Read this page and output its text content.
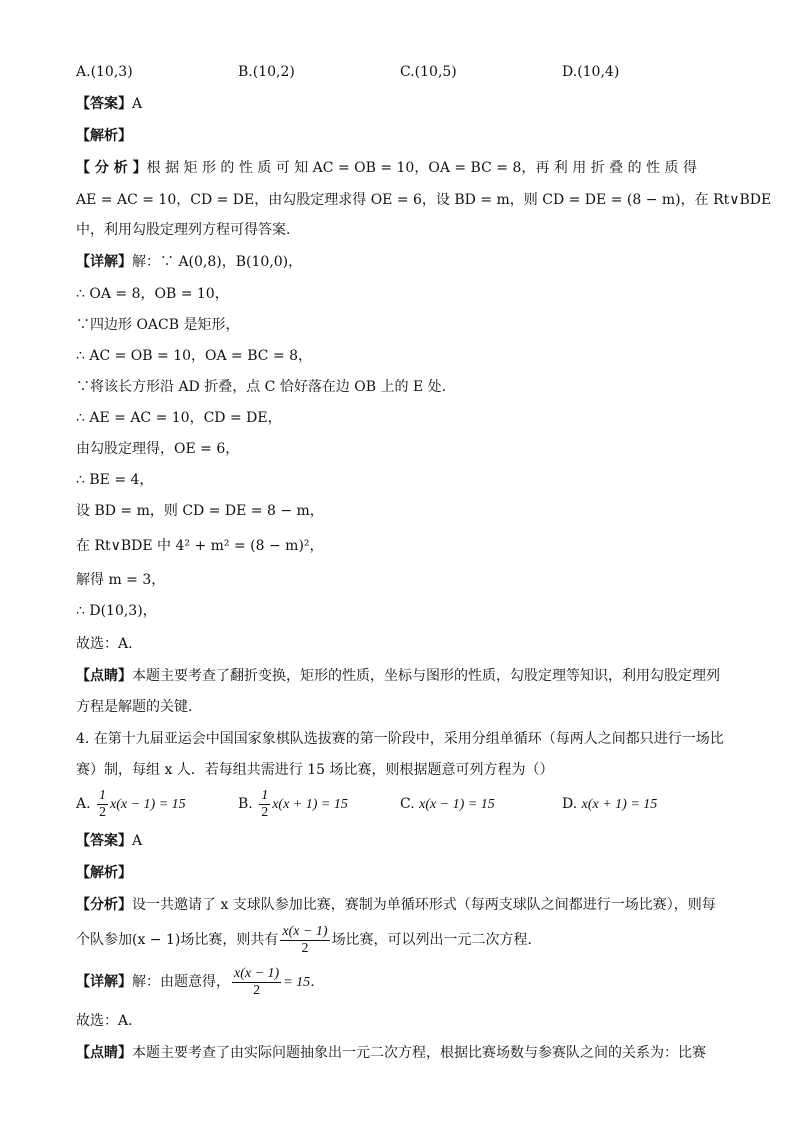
A.(10,3)	B.(10,2)	C.(10,5)	D.(10,4)
【答案】A
【解析】
【 分 析 】根 据 矩 形 的 性 质 可 知 AC = OB = 10，OA = BC = 8，再 利 用 折 叠 的 性 质 得
AE = AC = 10，CD = DE，由勾股定理求得 OE = 6，设 BD = m，则 CD = DE = (8 − m)，在 Rt∨BDE
中，利用勾股定理列方程可得答案.
【详解】解：∵ A(0,8)，B(10,0)，
∴ OA = 8，OB = 10，
∵四边形 OACB 是矩形，
∴ AC = OB = 10，OA = BC = 8，
∵将该长方形沿 AD 折叠，点 C 恰好落在边 OB 上的 E 处.
∴ AE = AC = 10，CD = DE，
由勾股定理得，OE = 6，
∴ BE = 4，
设 BD = m，则 CD = DE = 8 − m，
在 Rt∨BDE 中 4² + m² = (8 − m)²，
解得 m = 3，
∴ D(10,3)，
故选：A.
【点睛】本题主要考查了翻折变换，矩形的性质，坐标与图形的性质，勾股定理等知识，利用勾股定理列
方程是解题的关键.
4. 在第十九届亚运会中国国家象棋队选拔赛的第一阶段中，采用分组单循环（每两人之间都只进行一场比
赛）制，每组 x 人．若每组共需进行 15 场比赛，则根据题意可列方程为（）
A. $\frac{1}{2} x(x - 1) = 15$	B. $\frac{1}{2} x(x + 1) = 15$	C. x(x − 1) = 15	D. x(x + 1) = 15
【答案】A
【解析】
【分析】设一共邀请了 x 支球队参加比赛，赛制为单循环形式（每两支球队之间都进行一场比赛），则每
个队参加(x − 1)场比赛，则共有 $\frac{x(x - 1)}{2}$ 场比赛，可以列出一元二次方程．
【详解】解：由题意得， $\frac{x(x - 1)}{2} = 15$．
故选：A．
【点睛】本题主要考查了由实际问题抽象出一元二次方程，根据比赛场数与参赛队之间的关系为：比赛
